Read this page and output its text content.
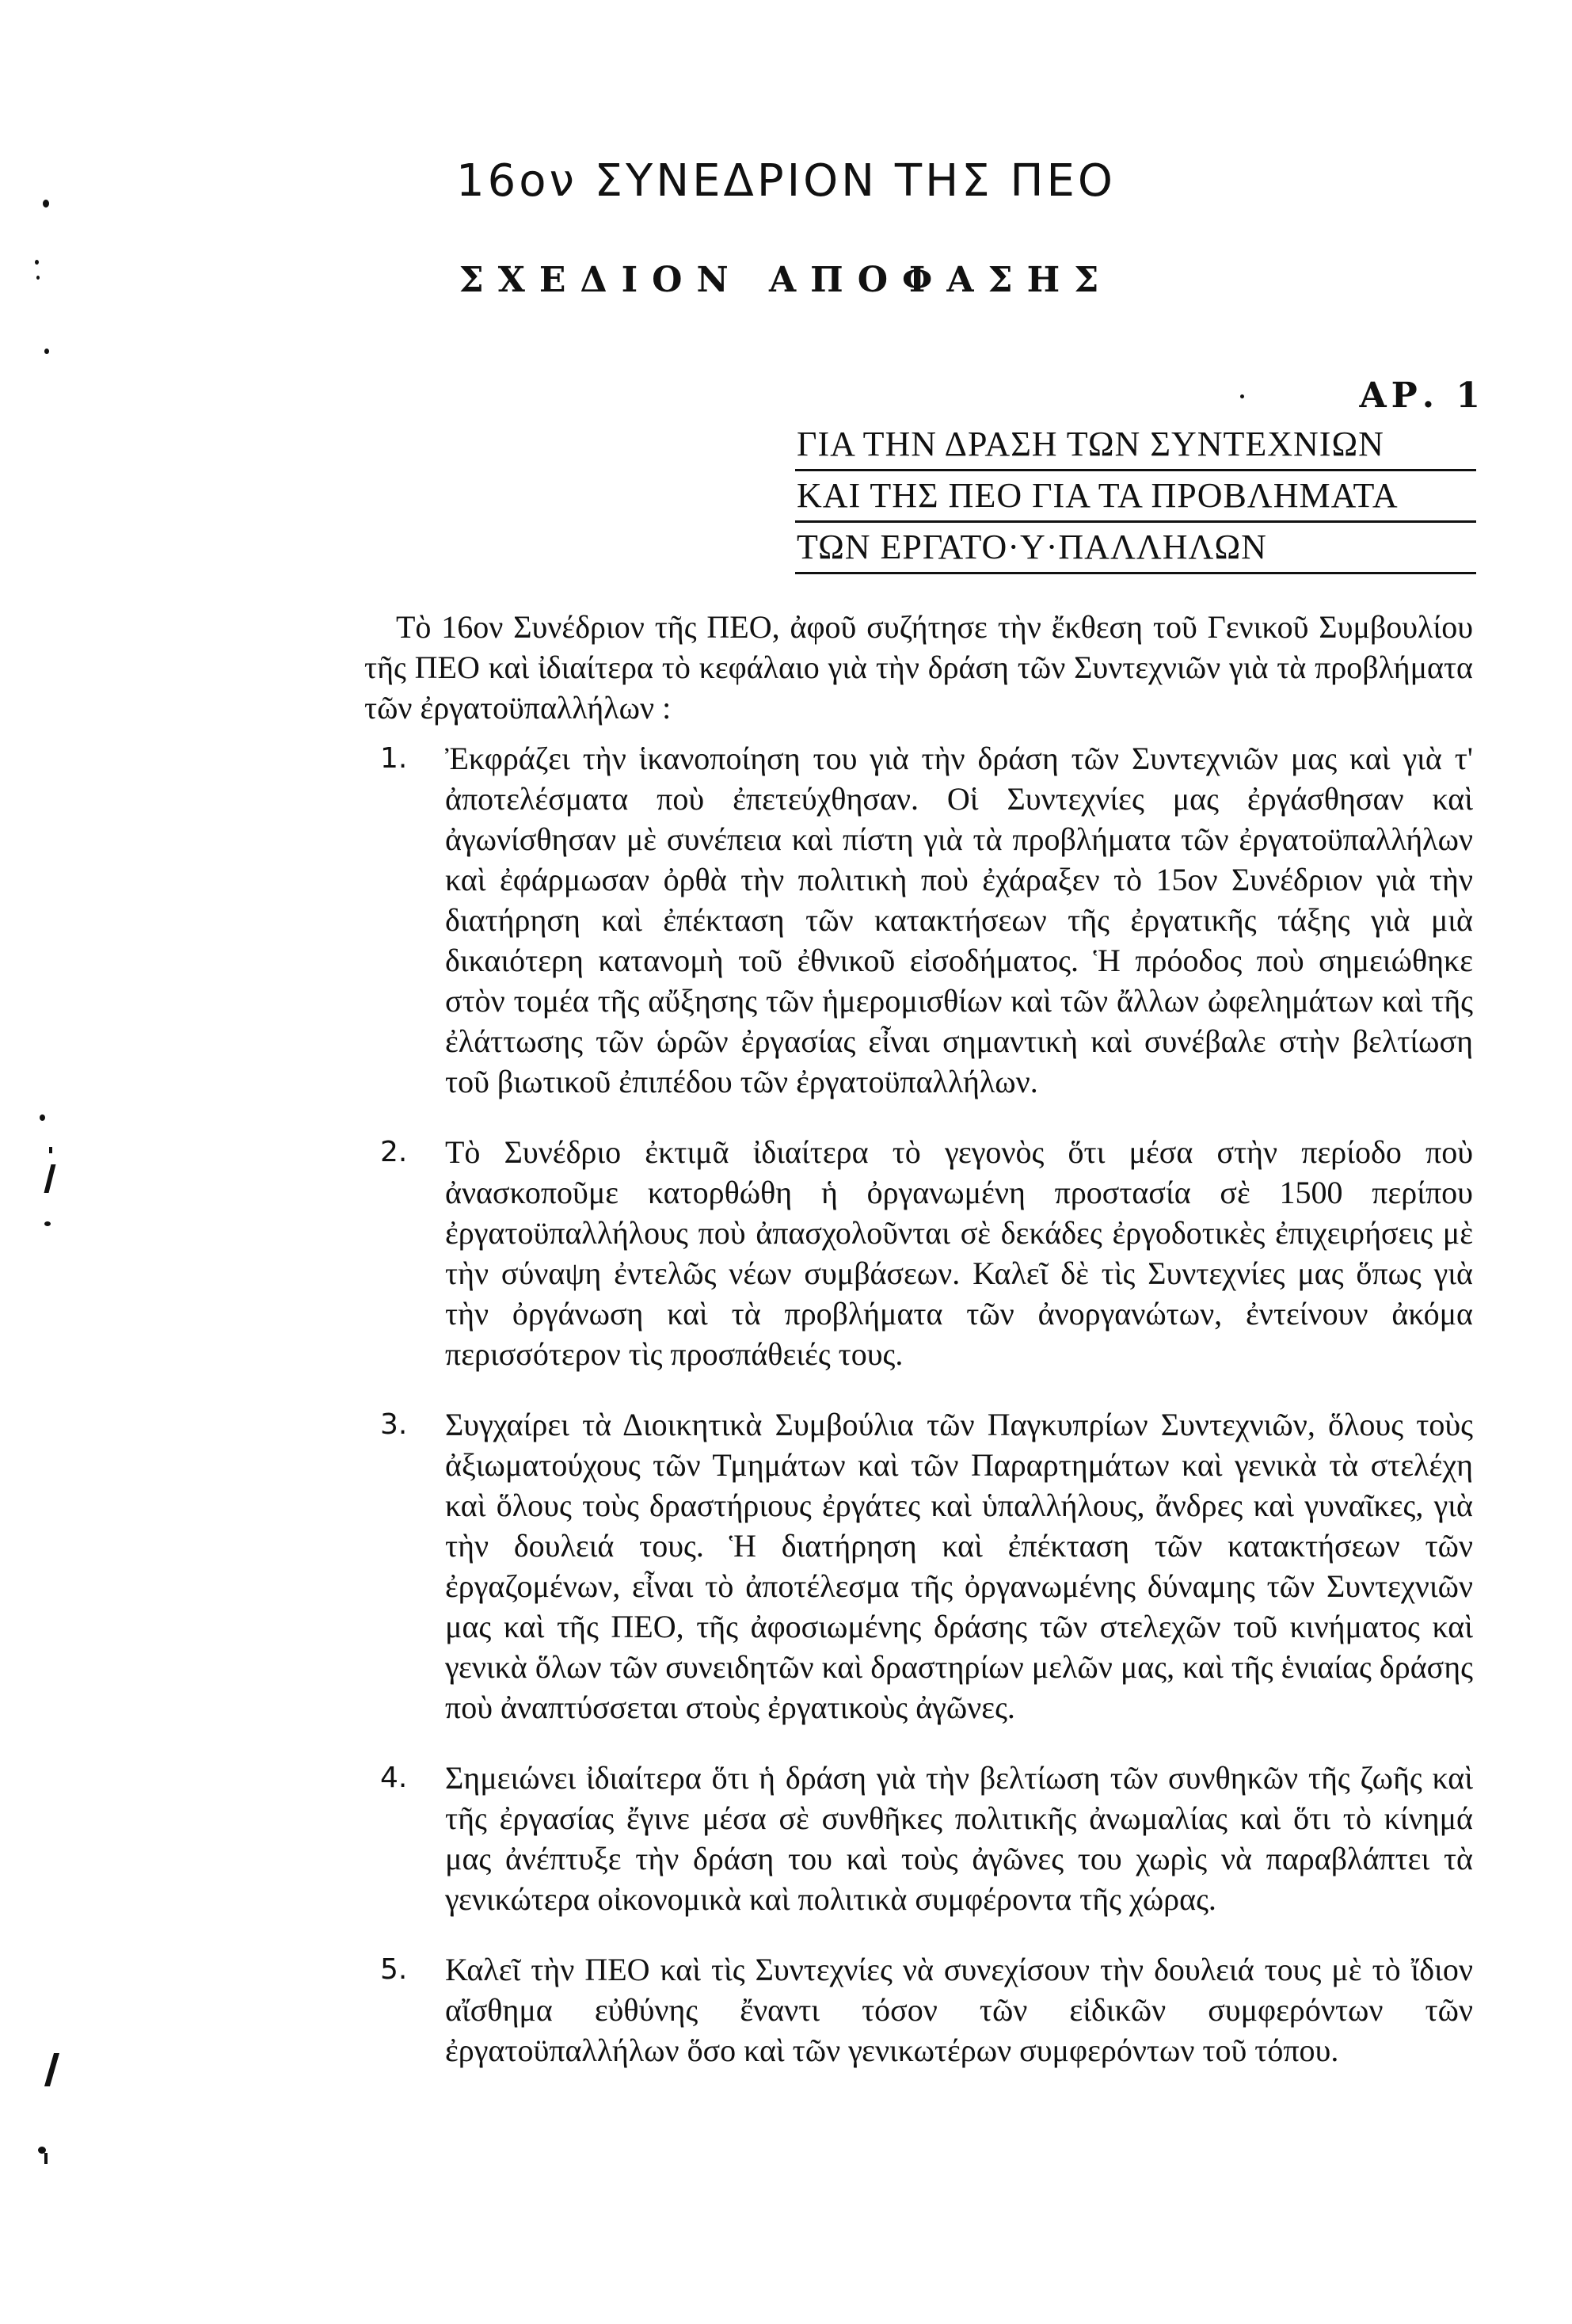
16ον ΣΥΝΕΔΡΙΟΝ ΤΗΣ ΠΕΟ
ΣΧΕΔΙΟΝ ΑΠΟΦΑΣΗΣ
ΑΡ. 1
ΓΙΑ ΤΗΝ ΔΡΑΣΗ ΤΩΝ ΣΥΝΤΕΧΝΙΩΝ
ΚΑΙ ΤΗΣ ΠΕΟ ΓΙΑ ΤΑ ΠΡΟΒΛΗΜΑΤΑ
ΤΩΝ ΕΡΓΑΤΟ·Υ·ΠΑΛΛΗΛΩΝ

Τὸ 16ον Συνέδριον τῆς ΠΕΟ, ἀφοῦ συζήτησε τὴν ἔκθεση τοῦ Γενικοῦ Συμβουλίου τῆς ΠΕΟ καὶ ἰδιαίτερα τὸ κεφάλαιο γιὰ τὴν δράση τῶν Συντεχνιῶν γιὰ τὰ προβλήματα τῶν ἐργατοϋπαλλήλων :

1. Ἐκφράζει τὴν ἱκανοποίηση του γιὰ τὴν δράση τῶν Συντεχνιῶν μας καὶ γιὰ τ' ἀποτελέσματα ποὺ ἐπετεύχθησαν. Οἱ Συντεχνίες μας ἐργάσθησαν καὶ ἀγωνίσθησαν μὲ συνέπεια καὶ πίστη γιὰ τὰ προβλήματα τῶν ἐργατοϋπαλλήλων καὶ ἐφάρμωσαν ὀρθὰ τὴν πολιτικὴ ποὺ ἐχάραξεν τὸ 15ον Συνέδριον γιὰ τὴν διατήρηση καὶ ἐπέκταση τῶν κατακτήσεων τῆς ἐργατικῆς τάξης γιὰ μιὰ δικαιότερη κατανομὴ τοῦ ἐθνικοῦ εἰσοδήματος. Ἡ πρόοδος ποὺ σημειώθηκε στὸν τομέα τῆς αὔξησης τῶν ἡμερομισθίων καὶ τῶν ἄλλων ὠφελημάτων καὶ τῆς ἐλάττωσης τῶν ὡρῶν ἐργασίας εἶναι σημαντικὴ καὶ συνέβαλε στὴν βελτίωση τοῦ βιωτικοῦ ἐπιπέδου τῶν ἐργατοϋπαλλήλων.
2. Τὸ Συνέδριο ἐκτιμᾶ ἰδιαίτερα τὸ γεγονὸς ὅτι μέσα στὴν περίοδο ποὺ ἀνασκοποῦμε κατορθώθη ἡ ὀργανωμένη προστασία σὲ 1500 περίπου ἐργατοϋπαλλήλους ποὺ ἀπασχολοῦνται σὲ δεκάδες ἐργοδοτικὲς ἐπιχειρήσεις μὲ τὴν σύναψη ἐντελῶς νέων συμβάσεων. Καλεῖ δὲ τὶς Συντεχνίες μας ὅπως γιὰ τὴν ὀργάνωση καὶ τὰ προβλήματα τῶν ἀνοργανώτων, ἐντείνουν ἀκόμα περισσότερον τὶς προσπάθειές τους.
3. Συγχαίρει τὰ Διοικητικὰ Συμβούλια τῶν Παγκυπρίων Συντεχνιῶν, ὅλους τοὺς ἀξιωματούχους τῶν Τμημάτων καὶ τῶν Παραρτημάτων καὶ γενικὰ τὰ στελέχη καὶ ὅλους τοὺς δραστήριους ἐργάτες καὶ ὑπαλλήλους, ἄνδρες καὶ γυναῖκες, γιὰ τὴν δουλειά τους. Ἡ διατήρηση καὶ ἐπέκταση τῶν κατακτήσεων τῶν ἐργαζομένων, εἶναι τὸ ἀποτέλεσμα τῆς ὀργανωμένης δύναμης τῶν Συντεχνιῶν μας καὶ τῆς ΠΕΟ, τῆς ἀφοσιωμένης δράσης τῶν στελεχῶν τοῦ κινήματος καὶ γενικὰ ὅλων τῶν συνειδητῶν καὶ δραστηρίων μελῶν μας, καὶ τῆς ἑνιαίας δράσης ποὺ ἀναπτύσσεται στοὺς ἐργατικοὺς ἀγῶνες.
4. Σημειώνει ἰδιαίτερα ὅτι ἡ δράση γιὰ τὴν βελτίωση τῶν συνθηκῶν τῆς ζωῆς καὶ τῆς ἐργασίας ἔγινε μέσα σὲ συνθῆκες πολιτικῆς ἀνωμαλίας καὶ ὅτι τὸ κίνημά μας ἀνέπτυξε τὴν δράση του καὶ τοὺς ἀγῶνες του χωρὶς νὰ παραβλάπτει τὰ γενικώτερα οἰκονομικὰ καὶ πολιτικὰ συμφέροντα τῆς χώρας.
5. Καλεῖ τὴν ΠΕΟ καὶ τὶς Συντεχνίες νὰ συνεχίσουν τὴν δουλειά τους μὲ τὸ ἴδιον αἴσθημα εὐθύνης ἔναντι τόσον τῶν εἰδικῶν συμφερόντων τῶν ἐργατοϋπαλλήλων ὅσο καὶ τῶν γενικωτέρων συμφερόντων τοῦ τόπου.
